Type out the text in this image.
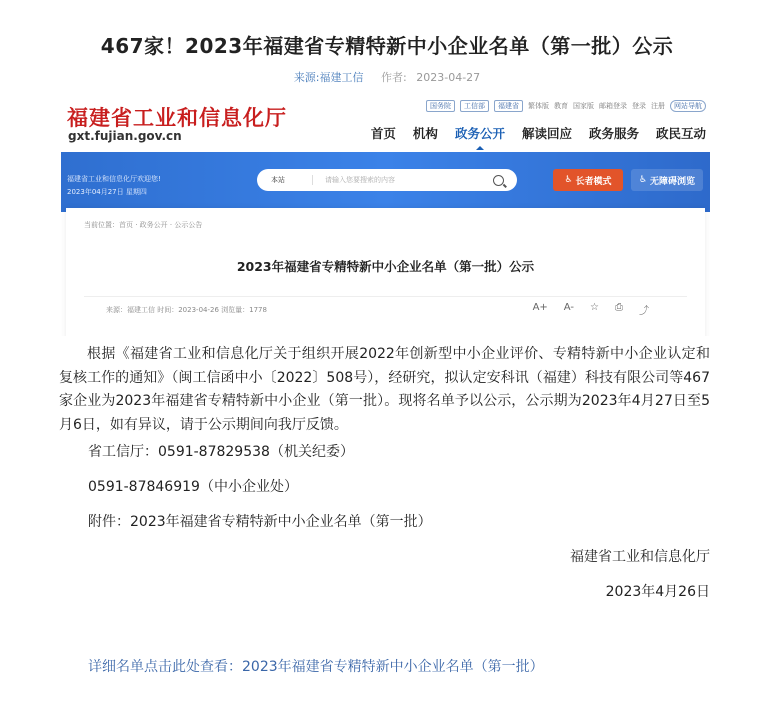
467家！2023年福建省专精特新中小企业名单（第一批）公示
来源:福建工信 作者: 2023-04-27
福建省工业和信息化厅
gxt.fujian.gov.cn
国务院	工信部	福建省	繁体版 教育 国家版 邮箱登录 登录 注册	网站导航
首页 机构 政务公开 解读回应 政务服务 政民互动
福建省工业和信息化厅欢迎您!
2023年04月27日 星期四
本站	请输入您要搜索的内容	♿ 长者模式	♿ 无障碍浏览
当前位置：首页 · 政务公开 · 公示公告
2023年福建省专精特新中小企业名单（第一批）公示
来源：福建工信 时间：2023-04-26 浏览量：1778	A+ A- ☆ ⎙ ⤴
根据《福建省工业和信息化厅关于组织开展2022年创新型中小企业评价、专精特新中小企业认定和复核工作的通知》（闽工信函中小〔2022〕508号），经研究，拟认定安科讯（福建）科技有限公司等467家企业为2023年福建省专精特新中小企业（第一批）。现将名单予以公示，公示期为2023年4月27日至5月6日，如有异议，请于公示期间向我厅反馈。
省工信厅：0591-87829538（机关纪委）
0591-87846919（中小企业处）
附件：2023年福建省专精特新中小企业名单（第一批）
福建省工业和信息化厅
2023年4月26日
详细名单点击此处查看：2023年福建省专精特新中小企业名单（第一批）
